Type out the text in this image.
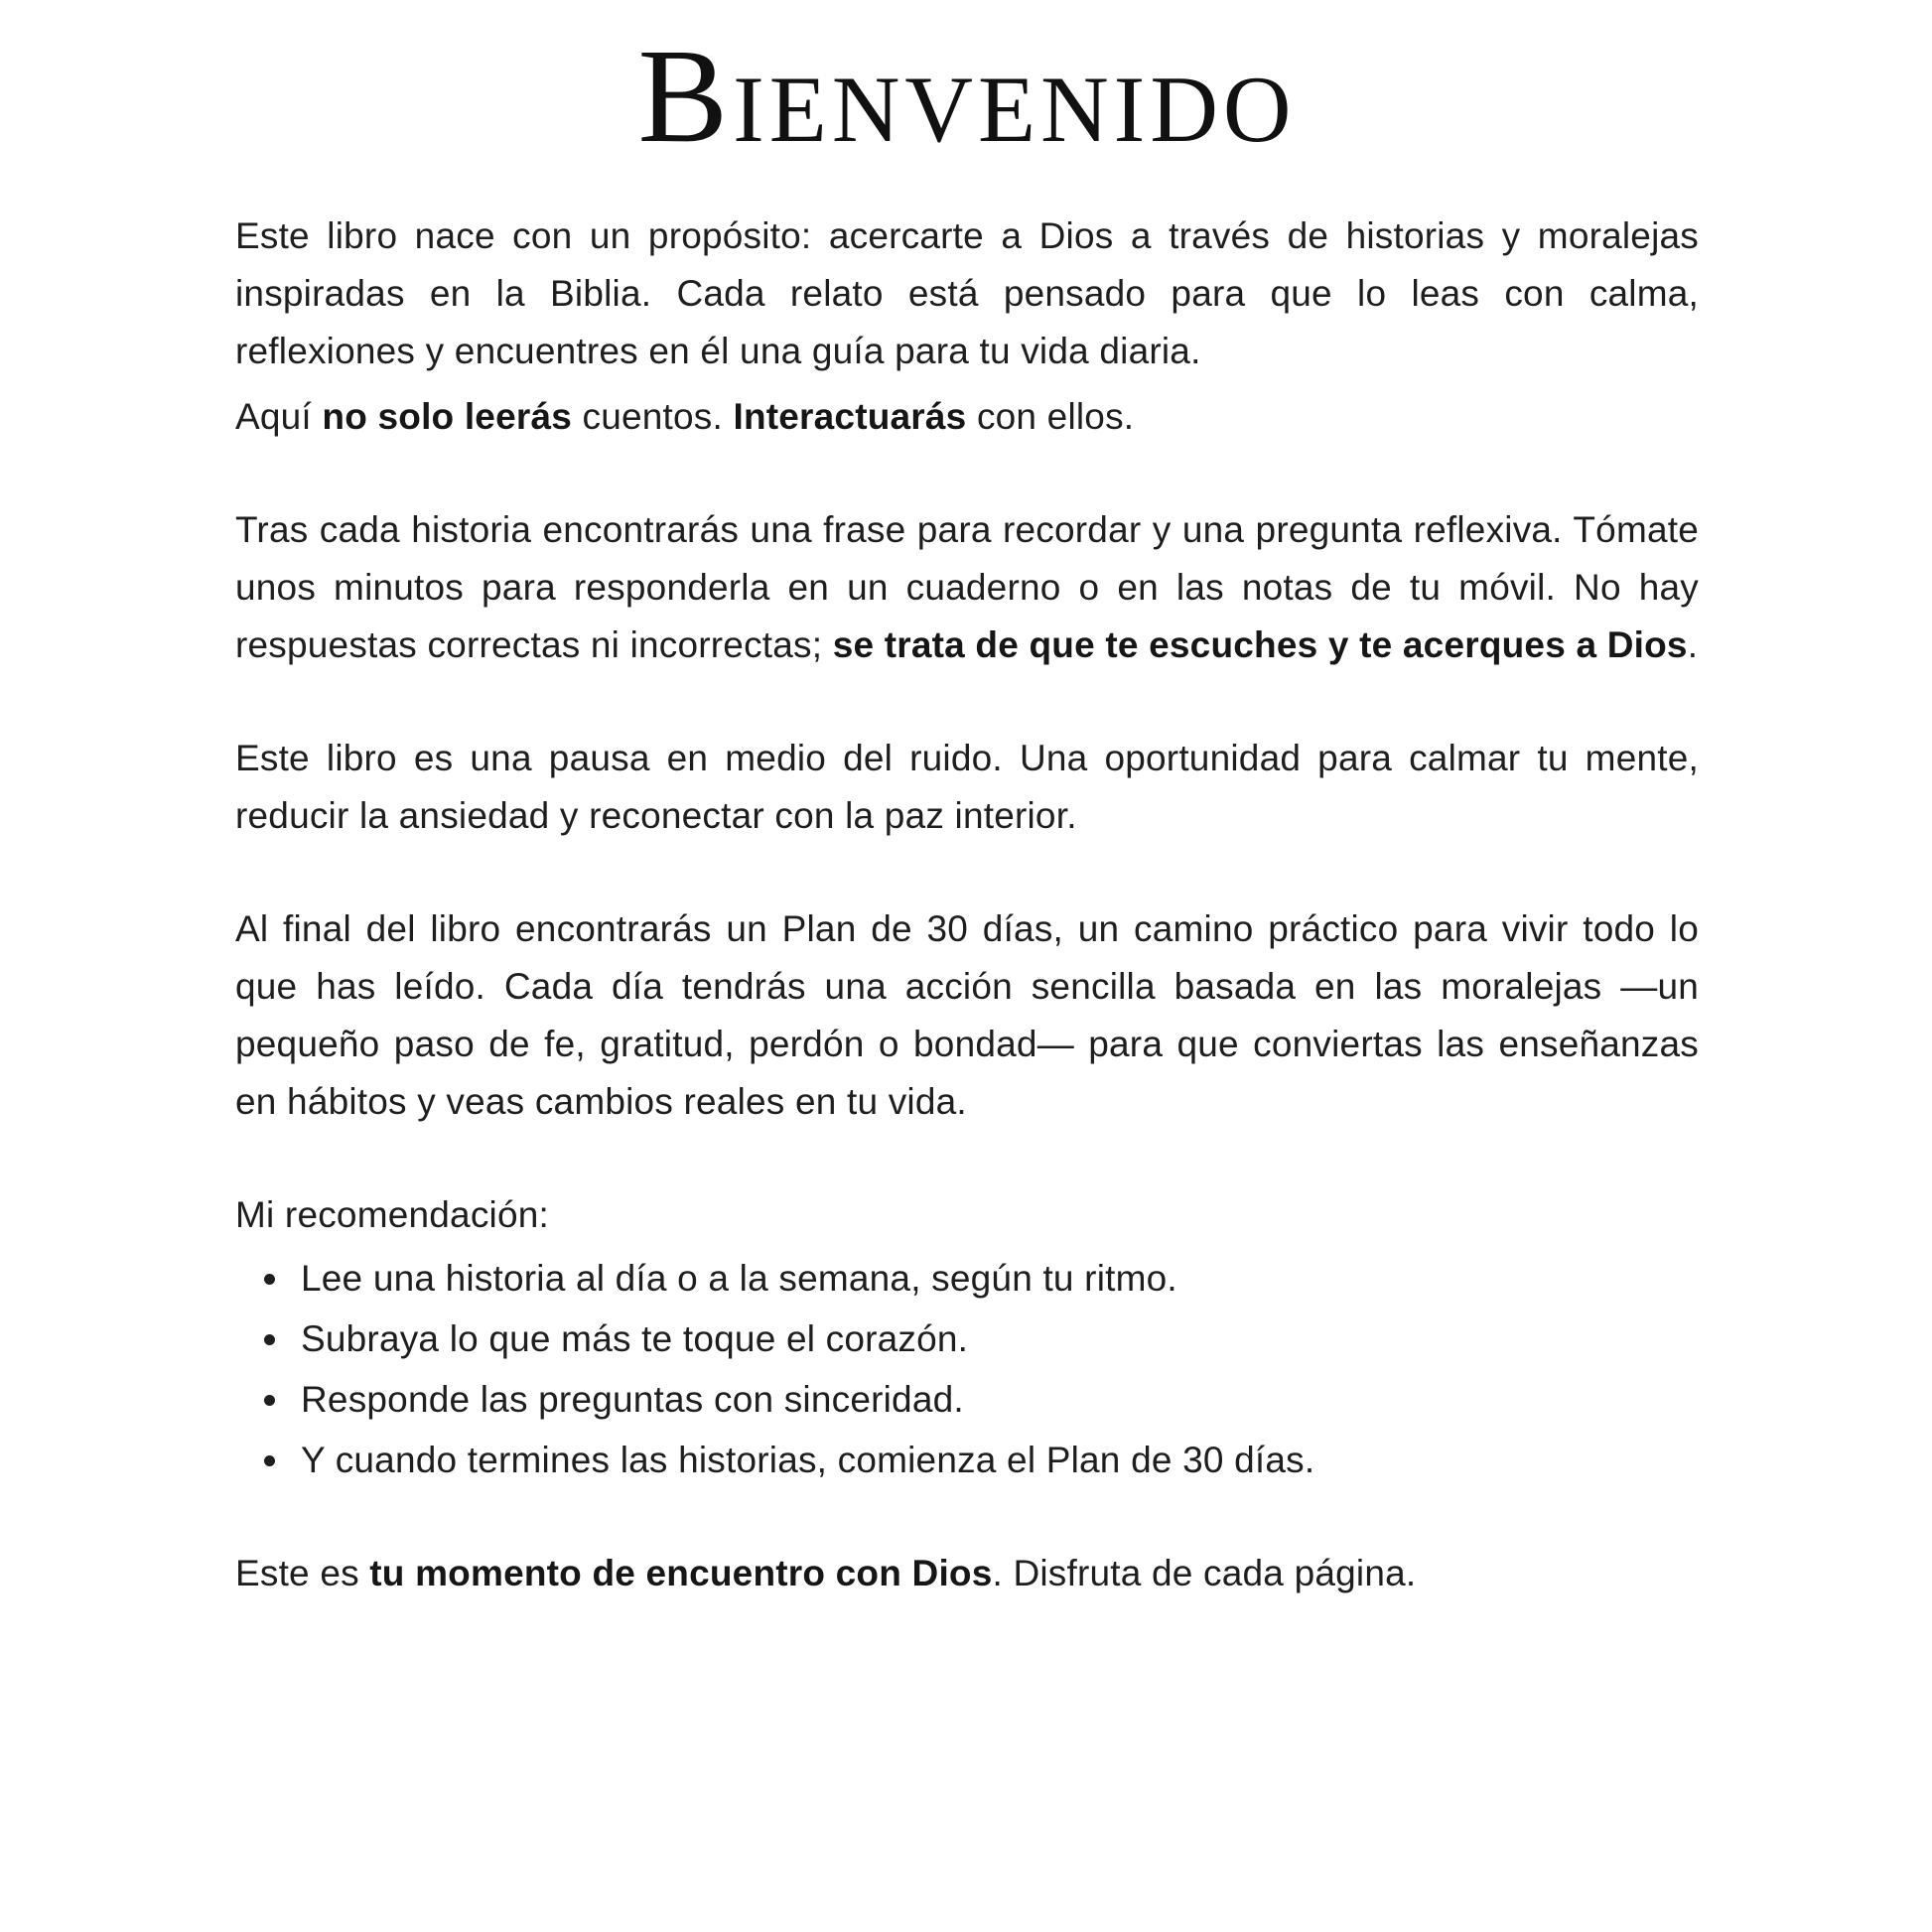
Bienvenido

Este libro nace con un propósito: acercarte a Dios a través de historias y moralejas inspiradas en la Biblia. Cada relato está pensado para que lo leas con calma, reflexiones y encuentres en él una guía para tu vida diaria.

Aquí no solo leerás cuentos. Interactuarás con ellos.

Tras cada historia encontrarás una frase para recordar y una pregunta reflexiva. Tómate unos minutos para responderla en un cuaderno o en las notas de tu móvil. No hay respuestas correctas ni incorrectas; se trata de que te escuches y te acerques a Dios.

Este libro es una pausa en medio del ruido. Una oportunidad para calmar tu mente, reducir la ansiedad y reconectar con la paz interior.

Al final del libro encontrarás un Plan de 30 días, un camino práctico para vivir todo lo que has leído. Cada día tendrás una acción sencilla basada en las moralejas —un pequeño paso de fe, gratitud, perdón o bondad— para que conviertas las enseñanzas en hábitos y veas cambios reales en tu vida.

Mi recomendación:

• Lee una historia al día o a la semana, según tu ritmo.
• Subraya lo que más te toque el corazón.
• Responde las preguntas con sinceridad.
• Y cuando termines las historias, comienza el Plan de 30 días.

Este es tu momento de encuentro con Dios. Disfruta de cada página.
